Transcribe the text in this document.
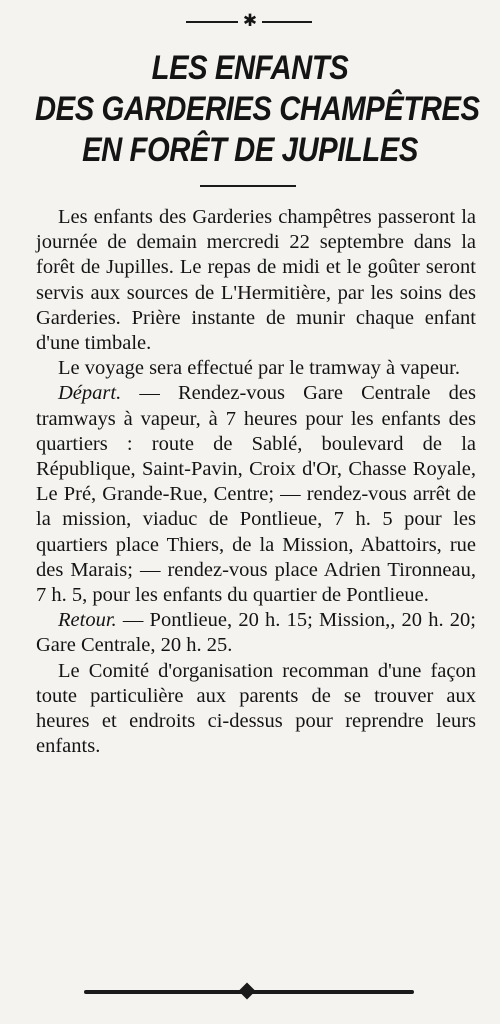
✱
LES ENFANTS
DES GARDERIES CHAMPÊTRES
EN FORÊT DE JUPILLES

Les enfants des Garderies champêtres passeront la journée de demain mercredi 22 septembre dans la forêt de Jupilles. Le repas de midi et le goûter seront servis aux sources de L'Hermitière, par les soins des Garderies. Prière instante de munir chaque enfant d'une timbale.

Le voyage sera effectué par le tramway à vapeur.

Départ. — Rendez-vous Gare Centrale des tramways à vapeur, à 7 heures pour les enfants des quartiers : route de Sablé, boulevard de la République, Saint-Pavin, Croix d'Or, Chasse Royale, Le Pré, Grande-Rue, Centre; — rendez-vous arrêt de la mission, viaduc de Pontlieue, 7 h. 5 pour les quartiers place Thiers, de la Mission, Abattoirs, rue des Marais; — rendez-vous place Adrien Tironneau, 7 h. 5, pour les enfants du quartier de Pontlieue.

Retour. — Pontlieue, 20 h. 15; Mission,, 20 h. 20; Gare Centrale, 20 h. 25.

Le Comité d'organisation recomman d'une façon toute particulière aux parents de se trouver aux heures et endroits ci-dessus pour reprendre leurs enfants.
